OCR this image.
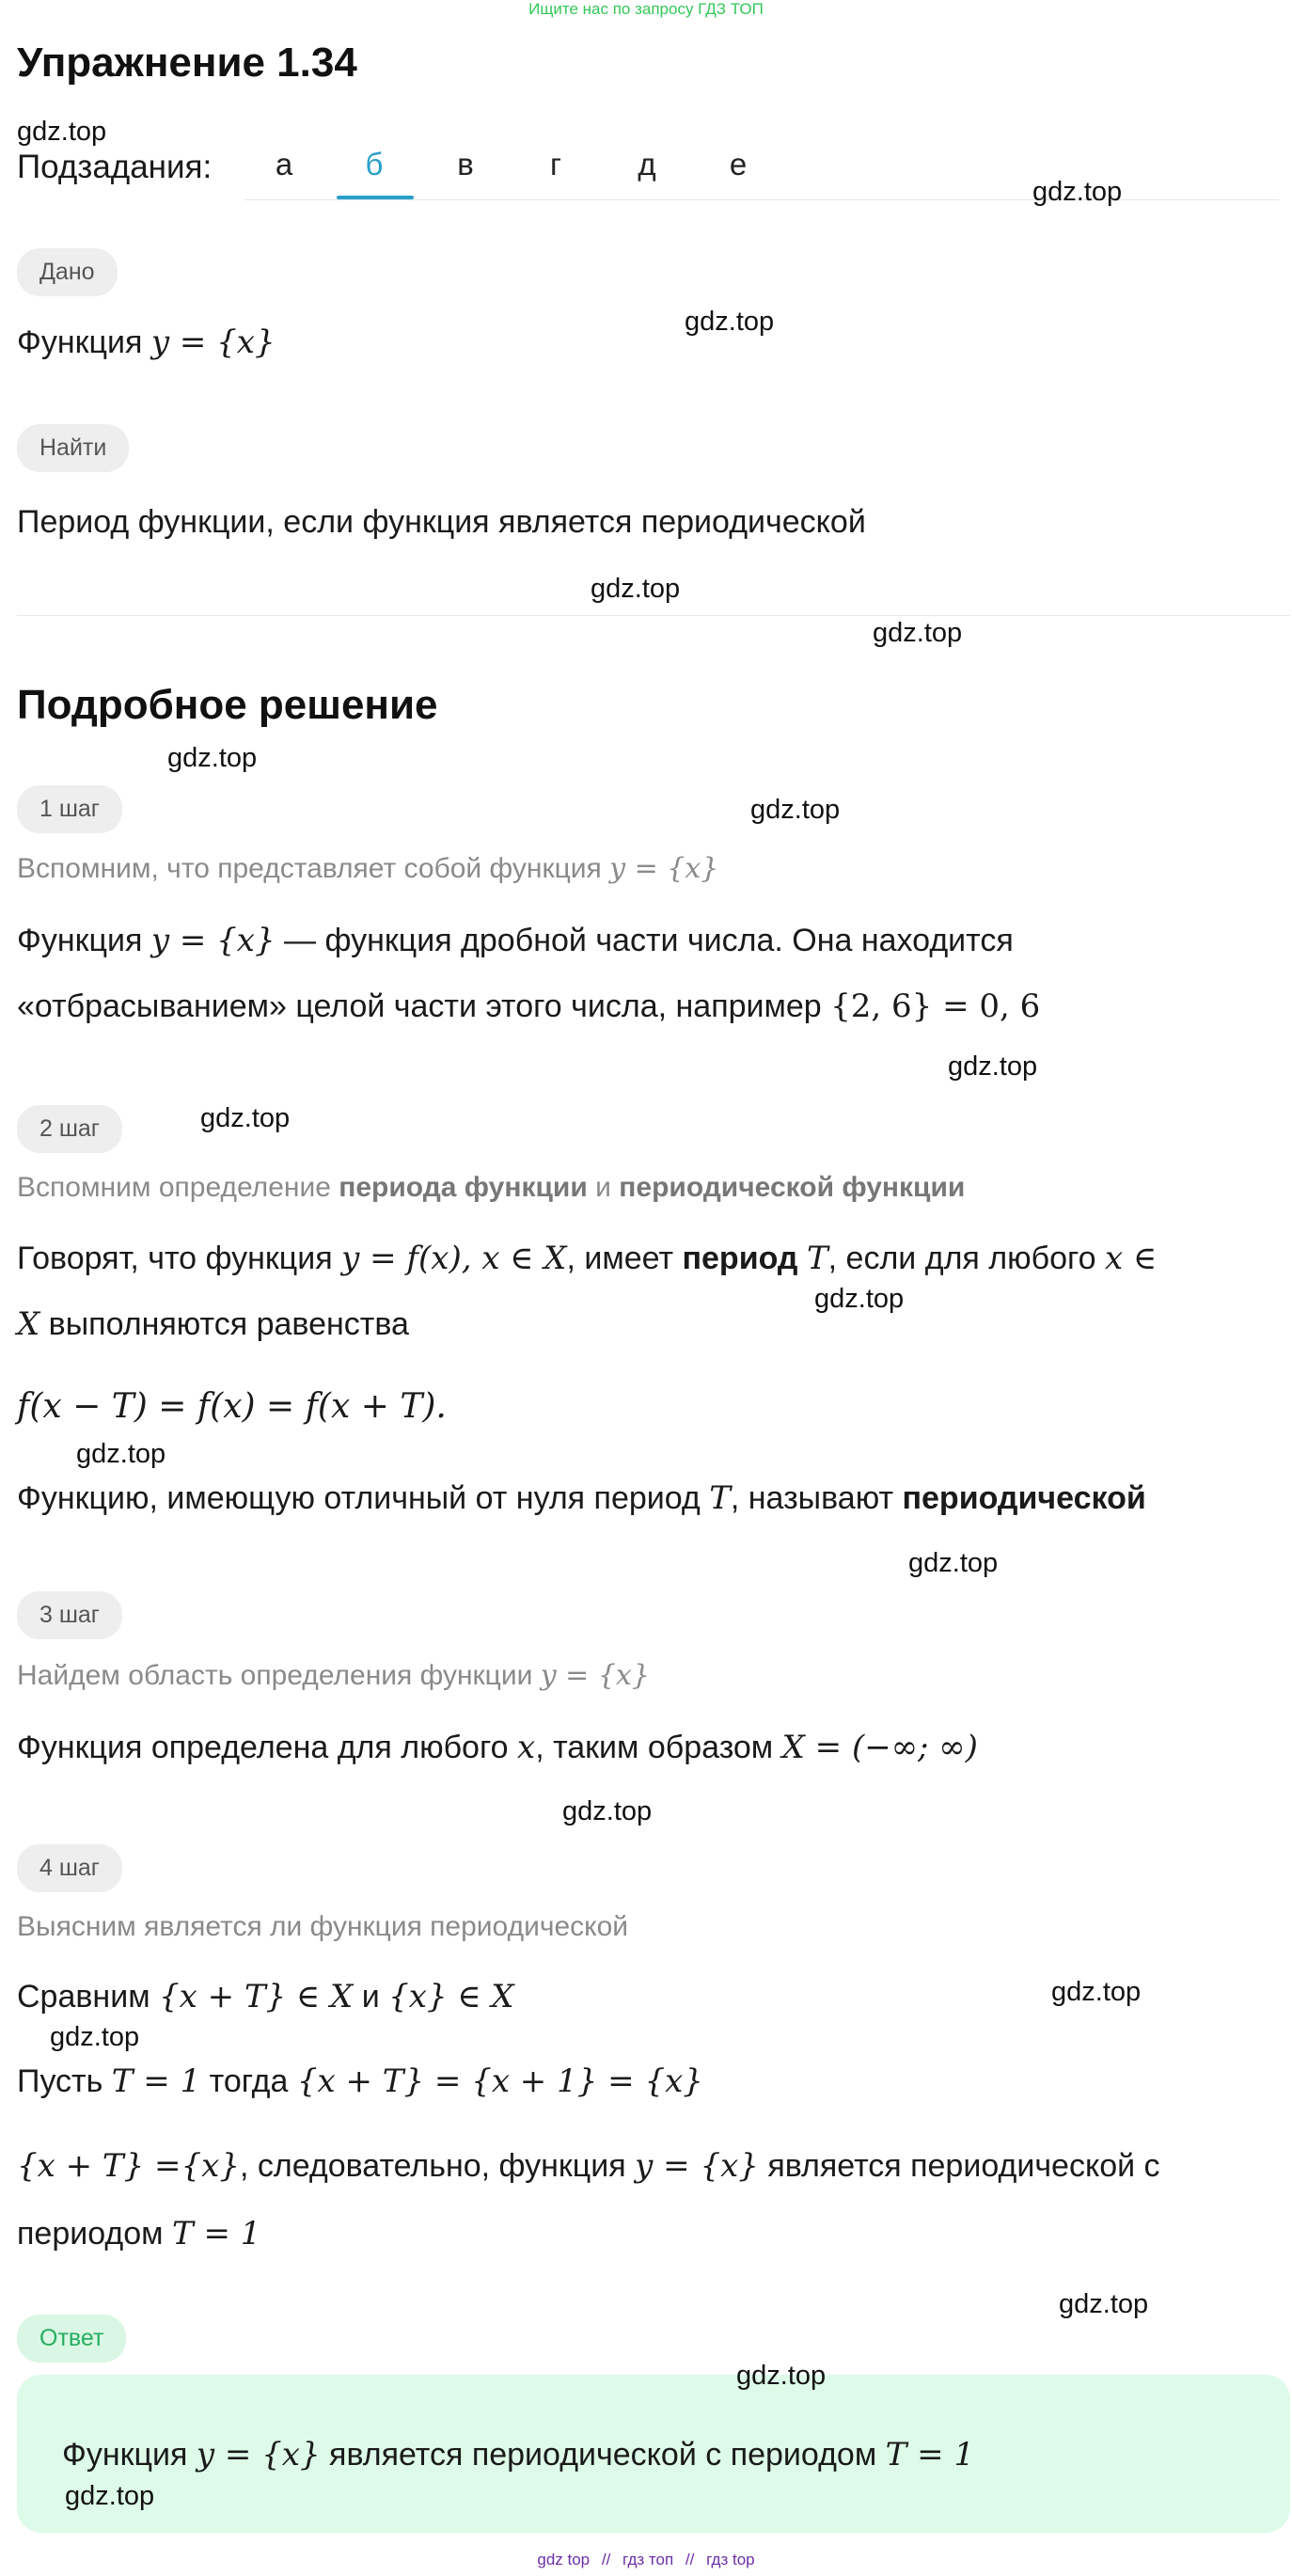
Ищите нас по запросу ГДЗ ТОП
Упражнение 1.34
Подзадания:	а	б	в	г	д	е
Дано
Функция y = {x}
Найти
Период функции, если функция является периодической
Подробное решение
1 шаг
Вспомним, что представляет собой функция y = {x}
Функция y = {x} — функция дробной части числа. Она находится
«отбрасыванием» целой части этого числа, например {2, 6} = 0, 6
2 шаг
Вспомним определение периода функции и периодической функции
Говорят, что функция y = f(x), x ∈ X, имеет период T, если для любого x ∈
X выполняются равенства
f(x − T) = f(x) = f(x + T).
Функцию, имеющую отличный от нуля период T, называют периодической
3 шаг
Найдем область определения функции y = {x}
Функция определена для любого x, таким образом X = (−∞; ∞)
4 шаг
Выясним является ли функция периодической
Сравним {x + T} ∈ X и {x} ∈ X
Пусть T = 1 тогда {x + T} = {x + 1} = {x}
{x + T} ={x}, следовательно, функция y = {x} является периодической с
периодом T = 1
Ответ
Функция y = {x} является периодической с периодом T = 1
gdz.top
gdz.top
gdz.top
gdz.top
gdz.top
gdz.top
gdz.top
gdz.top
gdz.top
gdz.top
gdz.top
gdz.top
gdz.top
gdz.top
gdz.top
gdz.top
gdz.top
gdz.top
gdz top // гдз топ // гдз top
